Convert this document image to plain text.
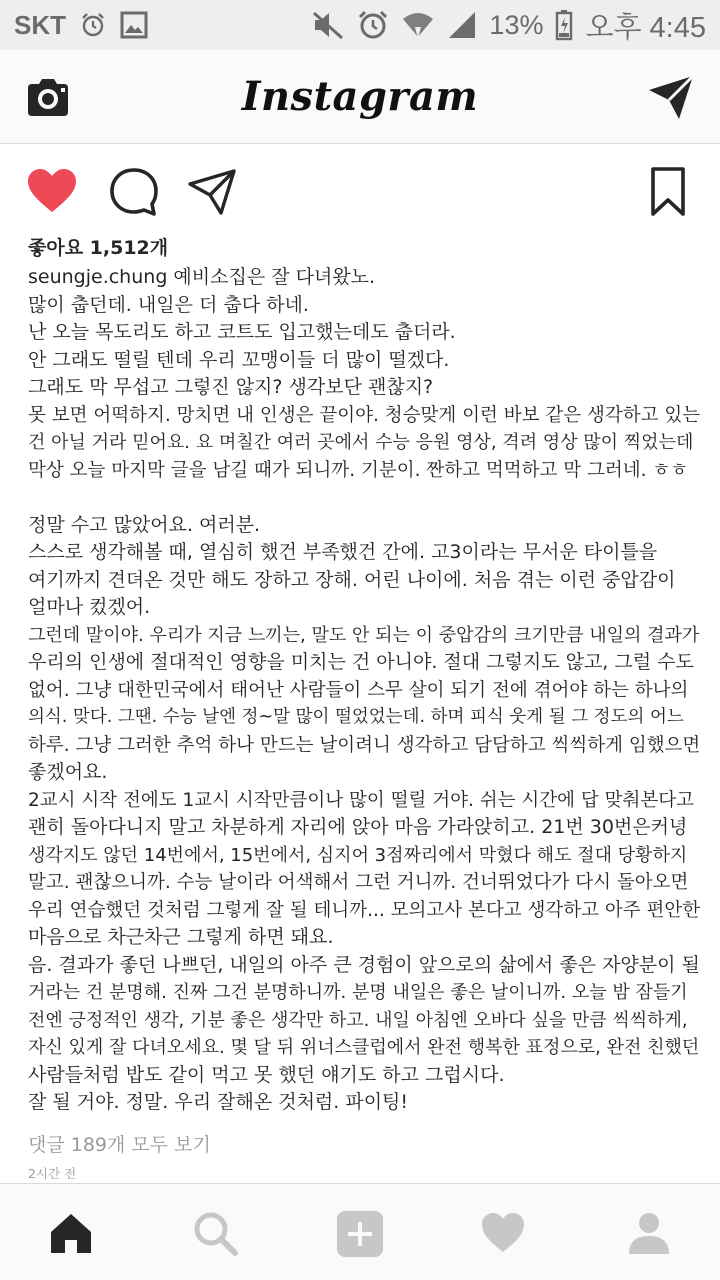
SKT	13% 오후 4:45
Instagram
좋아요 1,512개

seungje.chung 예비소집은 잘 다녀왔노.

많이 춥던데. 내일은 더 춥다 하네.

난 오늘 목도리도 하고 코트도 입고했는데도 춥더라.

안 그래도 떨릴 텐데 우리 꼬맹이들 더 많이 떨겠다.

그래도 막 무섭고 그렇진 않지? 생각보단 괜찮지?

못 보면 어떡하지. 망치면 내 인생은 끝이야. 청승맞게 이런 바보 같은 생각하고 있는

건 아닐 거라 믿어요. 요 며칠간 여러 곳에서 수능 응원 영상, 격려 영상 많이 찍었는데

막상 오늘 마지막 글을 남길 때가 되니까. 기분이. 짠하고 먹먹하고 막 그러네. ㅎㅎ

정말 수고 많았어요. 여러분.

스스로 생각해볼 때, 열심히 했건 부족했건 간에. 고3이라는 무서운 타이틀을

여기까지 견뎌온 것만 해도 장하고 장해. 어린 나이에. 처음 겪는 이런 중압감이

얼마나 컸겠어.

그런데 말이야. 우리가 지금 느끼는, 말도 안 되는 이 중압감의 크기만큼 내일의 결과가

우리의 인생에 절대적인 영향을 미치는 건 아니야. 절대 그렇지도 않고, 그럴 수도

없어. 그냥 대한민국에서 태어난 사람들이 스무 살이 되기 전에 겪어야 하는 하나의

의식. 맞다. 그땐. 수능 날엔 정~말 많이 떨었었는데. 하며 피식 웃게 될 그 정도의 어느

하루. 그냥 그러한 추억 하나 만드는 날이려니 생각하고 담담하고 씩씩하게 임했으면

좋겠어요.

2교시 시작 전에도 1교시 시작만큼이나 많이 떨릴 거야. 쉬는 시간에 답 맞춰본다고

괜히 돌아다니지 말고 차분하게 자리에 앉아 마음 가라앉히고. 21번 30번은커녕

생각지도 않던 14번에서, 15번에서, 심지어 3점짜리에서 막혔다 해도 절대 당황하지

말고. 괜찮으니까. 수능 날이라 어색해서 그런 거니까. 건너뛰었다가 다시 돌아오면

우리 연습했던 것처럼 그렇게 잘 될 테니까... 모의고사 본다고 생각하고 아주 편안한

마음으로 차근차근 그렇게 하면 돼요.

음. 결과가 좋던 나쁘던, 내일의 아주 큰 경험이 앞으로의 삶에서 좋은 자양분이 될

거라는 건 분명해. 진짜 그건 분명하니까. 분명 내일은 좋은 날이니까. 오늘 밤 잠들기

전엔 긍정적인 생각, 기분 좋은 생각만 하고. 내일 아침엔 오바다 싶을 만큼 씩씩하게,

자신 있게 잘 다녀오세요. 몇 달 뒤 위너스클럽에서 완전 행복한 표정으로, 완전 친했던

사람들처럼 밥도 같이 먹고 못 했던 얘기도 하고 그럽시다.

잘 될 거야. 정말. 우리 잘해온 것처럼. 파이팅!

댓글 189개 모두 보기
2시간 전
